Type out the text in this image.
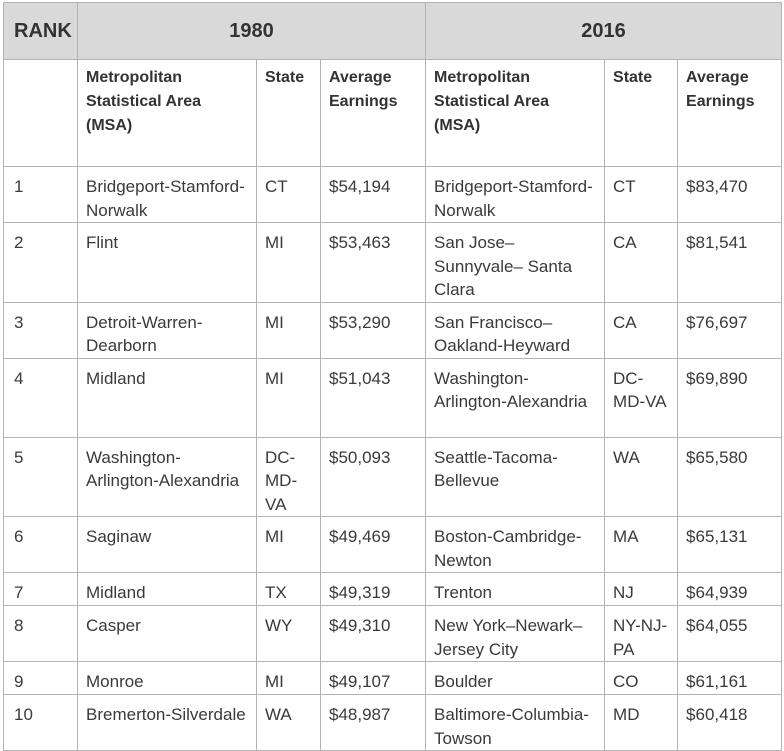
RANK	1980			2016		
	Metropolitan Statistical Area (MSA)	State	Average Earnings	Metropolitan Statistical Area (MSA)	State	Average Earnings
1	Bridgeport-Stamford-Norwalk	CT	$54,194	Bridgeport-Stamford-Norwalk	CT	$83,470
2	Flint	MI	$53,463	San Jose–Sunnyvale– Santa Clara	CA	$81,541
3	Detroit-Warren-Dearborn	MI	$53,290	San Francisco–Oakland-Heyward	CA	$76,697
4	Midland	MI	$51,043	Washington-Arlington-Alexandria	DC-MD-VA	$69,890
5	Washington-Arlington-Alexandria	DC-MD-VA	$50,093	Seattle-Tacoma-Bellevue	WA	$65,580
6	Saginaw	MI	$49,469	Boston-Cambridge-Newton	MA	$65,131
7	Midland	TX	$49,319	Trenton	NJ	$64,939
8	Casper	WY	$49,310	New York–Newark–Jersey City	NY-NJ-PA	$64,055
9	Monroe	MI	$49,107	Boulder	CO	$61,161
10	Bremerton-Silverdale	WA	$48,987	Baltimore-Columbia-Towson	MD	$60,418
